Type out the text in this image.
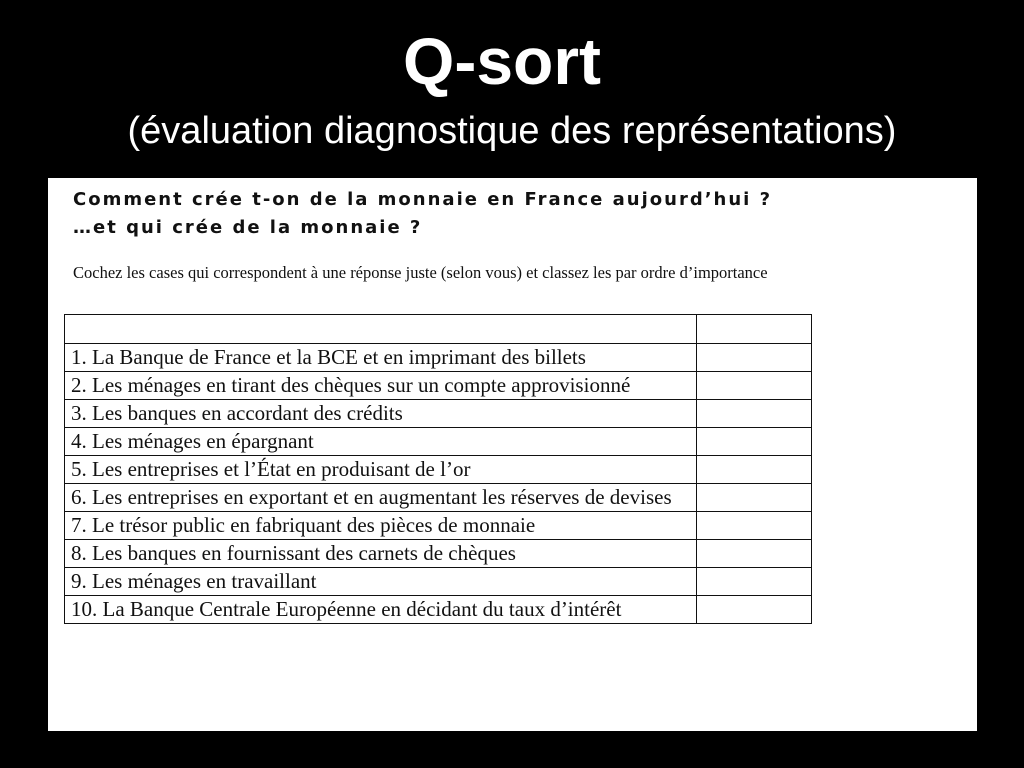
Q-sort
(évaluation diagnostique des représentations)

Comment crée t-on de la monnaie en France aujourd’hui ?
…et qui crée de la monnaie ?

Cochez les cases qui correspondent à une réponse juste (selon vous) et classez les par ordre d’importance

1. La Banque de France et la BCE et en imprimant des billets	
2. Les ménages en tirant des chèques sur un compte approvisionné	
3. Les banques en accordant des crédits	
4. Les ménages en épargnant	
5. Les entreprises et l’État en produisant de l’or	
6. Les entreprises en exportant et en augmentant les réserves de devises	
7. Le trésor public en fabriquant des pièces de monnaie	
8. Les banques en fournissant des carnets de chèques	
9. Les ménages en travaillant	
10. La Banque Centrale Européenne en décidant du taux d’intérêt	
